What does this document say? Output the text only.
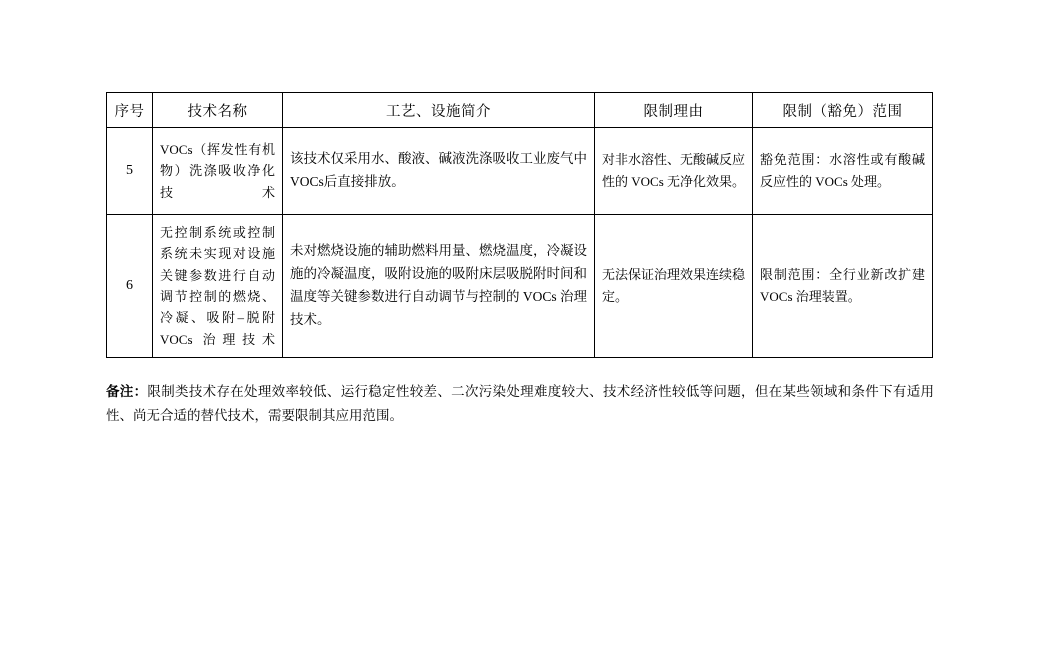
序号	技术名称	工艺、设施简介	限制理由	限制（豁免）范围
5	VOCs（挥发性有机物）洗涤吸收净化技术	该技术仅采用水、酸液、碱液洗涤吸收工业废气中VOCs后直接排放。	对非水溶性、无酸碱反应性的 VOCs 无净化效果。	豁免范围：水溶性或有酸碱反应性的 VOCs 处理。
6	无控制系统或控制系统未实现对设施关键参数进行自动调节控制的燃烧、冷凝、吸附–脱附 VOCs 治理技术	未对燃烧设施的辅助燃料用量、燃烧温度，冷凝设施的冷凝温度，吸附设施的吸附床层吸脱附时间和温度等关键参数进行自动调节与控制的 VOCs 治理技术。	无法保证治理效果连续稳定。	限制范围：全行业新改扩建 VOCs 治理装置。
备注：限制类技术存在处理效率较低、运行稳定性较差、二次污染处理难度较大、技术经济性较低等问题，但在某些领域和条件下有适用性、尚无合适的替代技术，需要限制其应用范围。
